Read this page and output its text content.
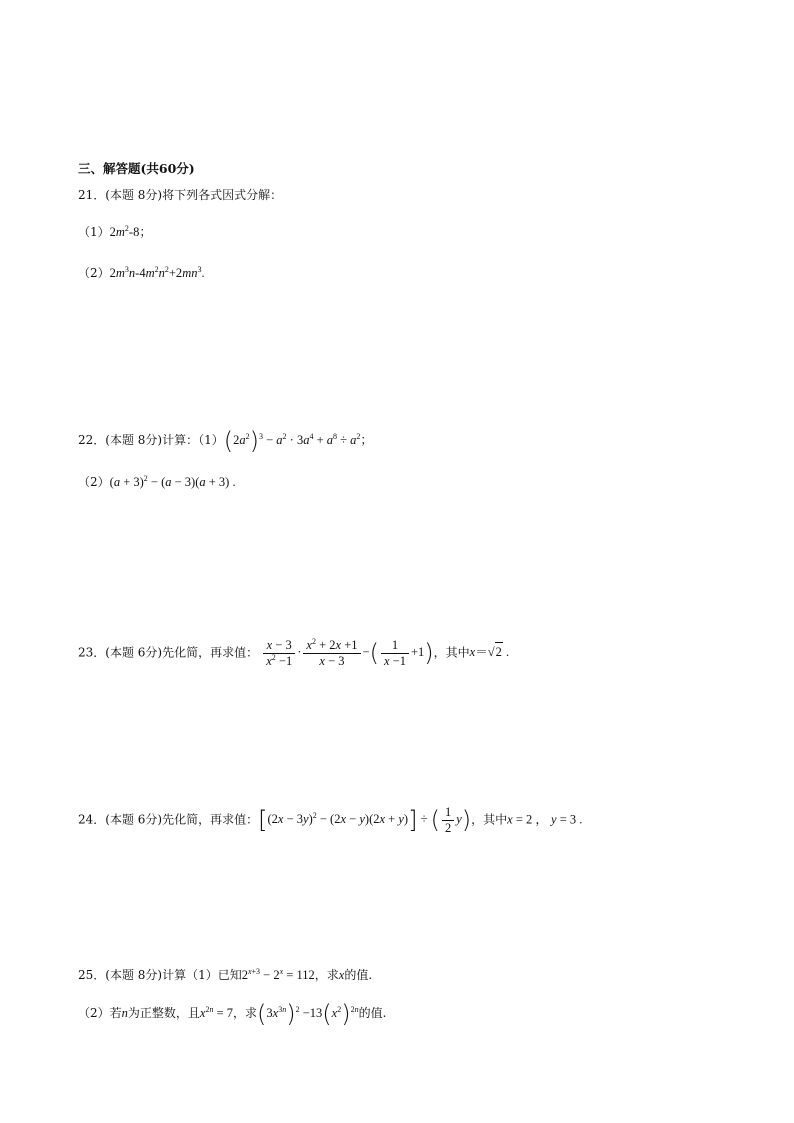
三、解答题(共60分)
21．(本题 8分)将下列各式因式分解：
$(1)2m^2-8$；
$(2)2m^3n-4m^2n^2+2mn^3$.
22．(本题 8分)计算：$(1)(2a^2)^3 - a^2 \cdot 3a^4 + a^8 \div a^2$；
$(2)(a + 3)^2 - (a - 3)(a + 3)$ .
23．(本题 6分)先化简，再求值： $\frac{x - 3}{x^2 -1} \cdot \frac{x^2 + 2x +1}{x - 3}$ −( $\frac{1}{x -1} +1$)，其中x＝√2 .
24．(本题 6分)先化简，再求值：$[(2x - 3y)^2 - (2x - y)(2x + y)]$ ÷ ( $\frac{1}{2} y$)，其中x = 2 ， y = 3 .
25．(本题 8分)计算（1）已知$2^{x+3} - 2^x = 112$，求x的值.
（2）若n为正整数，且$x^{2n} = 7$，求$(3x^{3n})^2 -13(x^2)^{2n}$的值.
